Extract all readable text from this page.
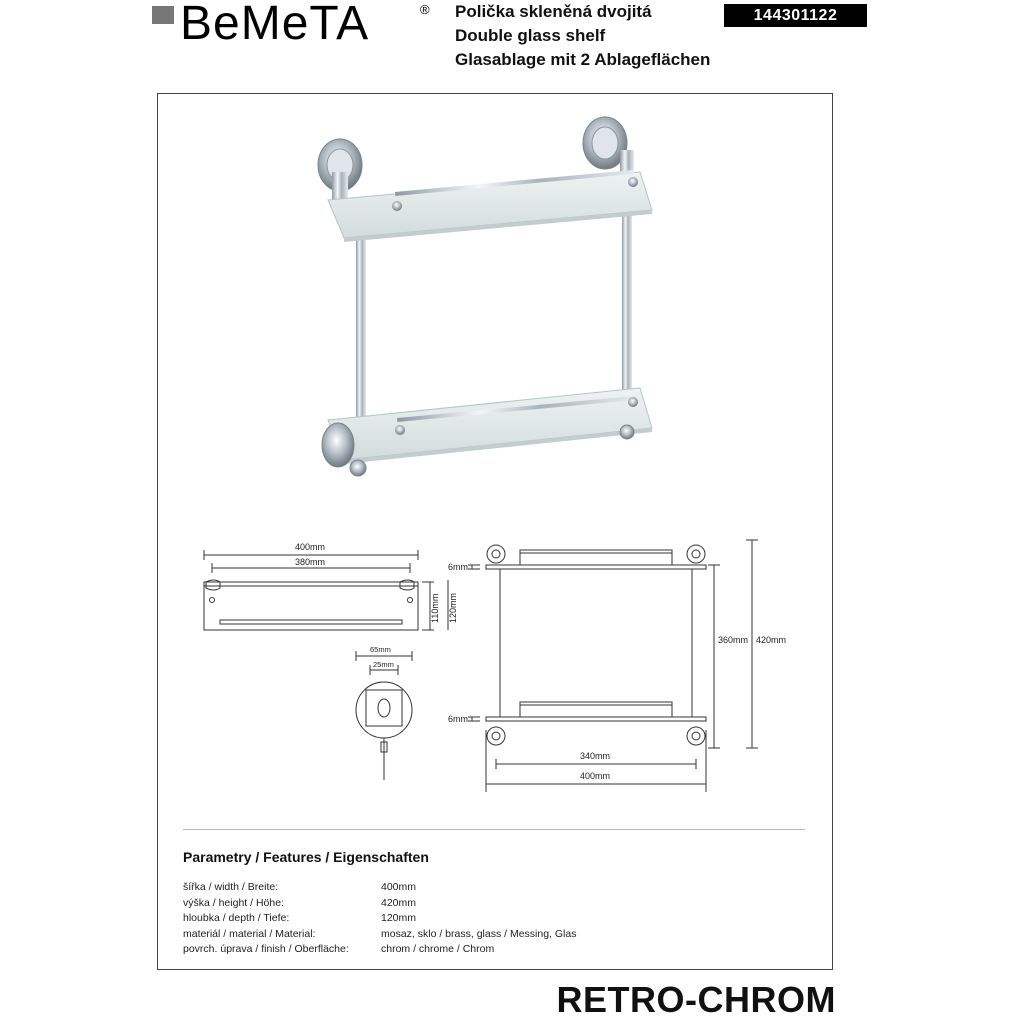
BeMeTA	® Polička skleněná dvojitá
Double glass shelf
Glasablage mit 2 Ablageflächen
144301122
400mm
380mm
110mm 120mm
65mm
25mm
6mm
6mm
360mm 420mm
340mm
400mm
Parametry / Features / Eigenschaften
šířka / width / Breite:	400mm
výška / height / Höhe:	420mm
hloubka / depth / Tiefe:	120mm
materiál / material / Material:	mosaz, sklo / brass, glass / Messing, Glas
povrch. úprava / finish / Oberfläche:	chrom / chrome / Chrom
RETRO-CHROM
